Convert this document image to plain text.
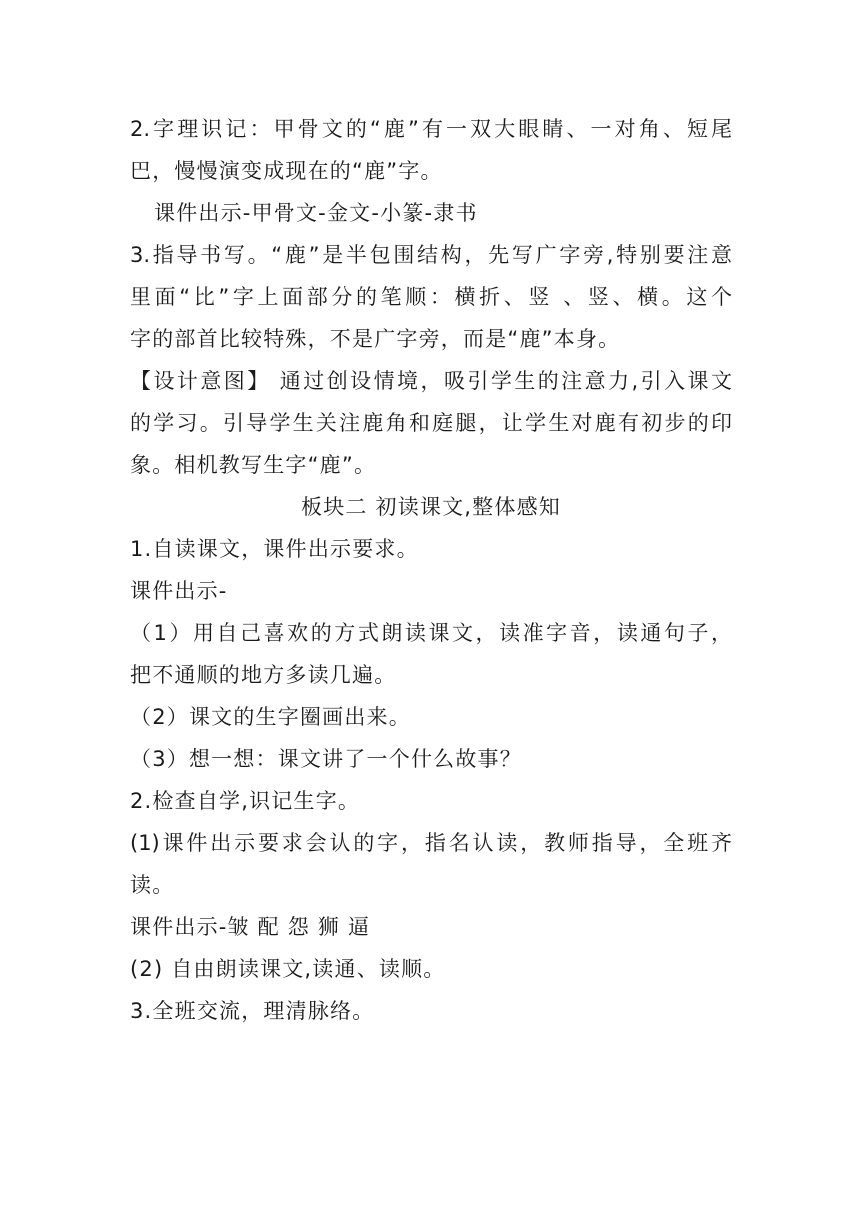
2.字理识记：甲骨文的“鹿”有一双大眼睛、一对角、短尾
巴，慢慢演变成现在的“鹿”字。
课件出示-甲骨文-金文-小篆-隶书
3.指导书写。“鹿”是半包围结构，先写广字旁,特别要注意
里面“比”字上面部分的笔顺：横折、竖 、竖、横。这个
字的部首比较特殊，不是广字旁，而是“鹿”本身。
【设计意图】 通过创设情境，吸引学生的注意力,引入课文
的学习。引导学生关注鹿角和庭腿，让学生对鹿有初步的印
象。相机教写生字“鹿”。
板块二 初读课文,整体感知
1.自读课文，课件出示要求。
课件出示-
（1）用自己喜欢的方式朗读课文，读准字音，读通句子，
把不通顺的地方多读几遍。
（2）课文的生字圈画出来。
（3）想一想：课文讲了一个什么故事？
2.检查自学,识记生字。
(1)课件出示要求会认的字，指名认读，教师指导，全班齐
读。
课件出示-皱 配 怨 狮 逼
(2) 自由朗读课文,读通、读顺。
3.全班交流，理清脉络。
